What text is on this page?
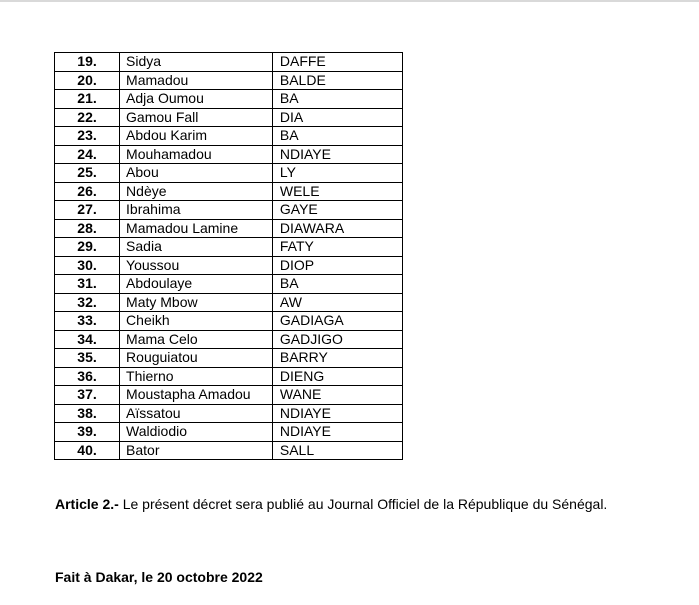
19.	Sidya	DAFFE
20.	Mamadou	BALDE
21.	Adja Oumou	BA
22.	Gamou Fall	DIA
23.	Abdou Karim	BA
24.	Mouhamadou	NDIAYE
25.	Abou	LY
26.	Ndèye	WELE
27.	Ibrahima	GAYE
28.	Mamadou Lamine	DIAWARA
29.	Sadia	FATY
30.	Youssou	DIOP
31.	Abdoulaye	BA
32.	Maty Mbow	AW
33.	Cheikh	GADIAGA
34.	Mama Celo	GADJIGO
35.	Rouguiatou	BARRY
36.	Thierno	DIENG
37.	Moustapha Amadou	WANE
38.	Aïssatou	NDIAYE
39.	Waldiodio	NDIAYE
40.	Bator	SALL
Article 2.- Le présent décret sera publié au Journal Officiel de la République du Sénégal.
Fait à Dakar, le 20 octobre 2022
